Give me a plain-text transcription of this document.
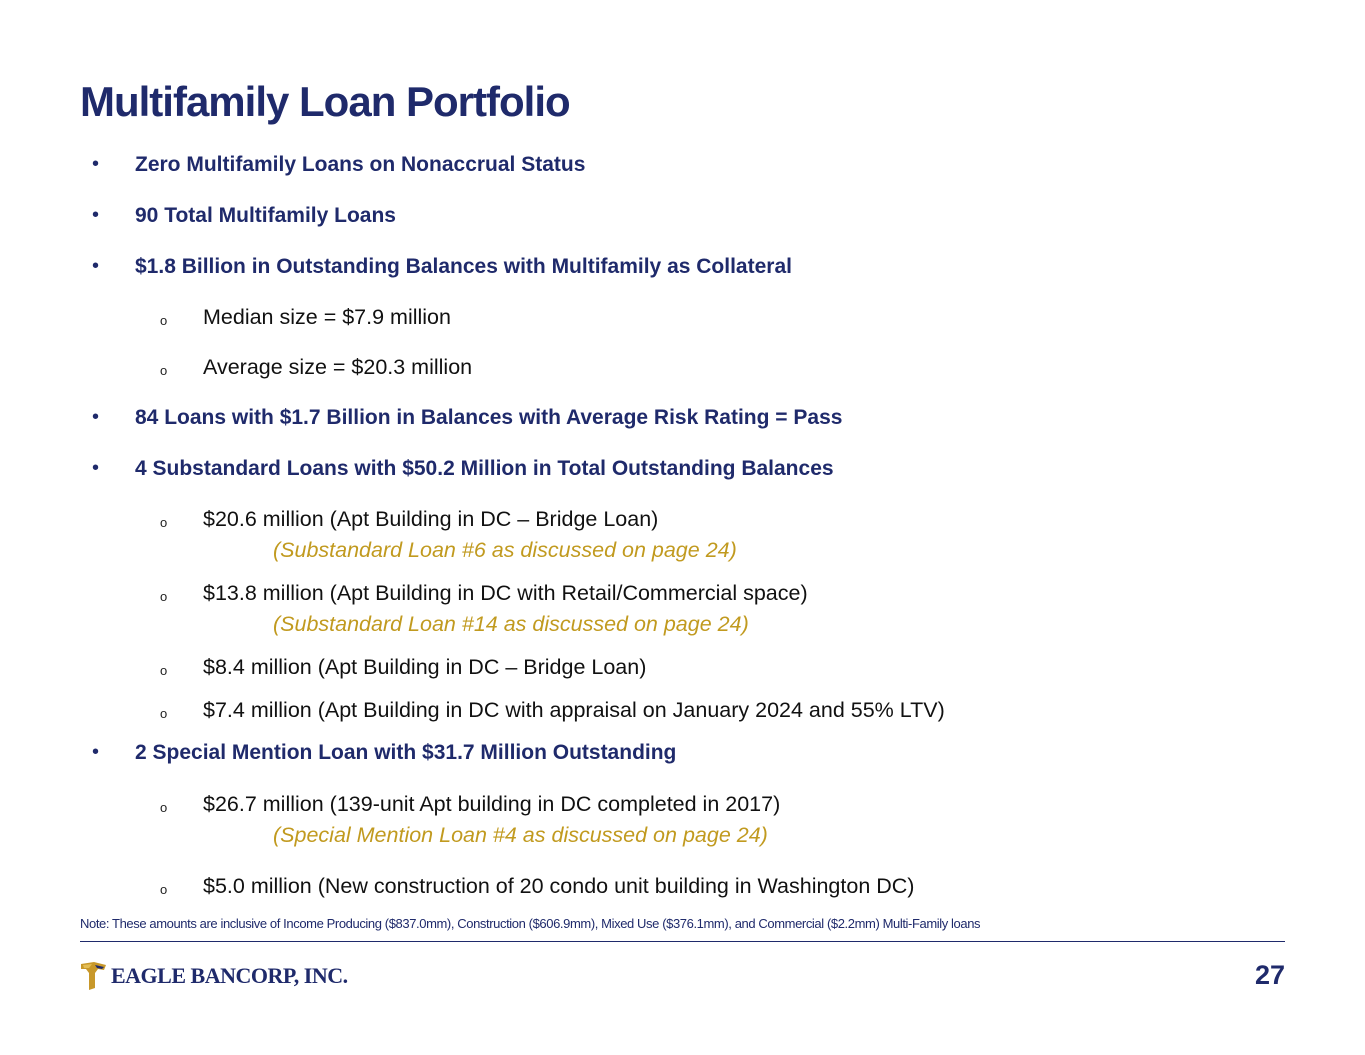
Multifamily Loan Portfolio
• Zero Multifamily Loans on Nonaccrual Status
• 90 Total Multifamily Loans
• $1.8 Billion in Outstanding Balances with Multifamily as Collateral
o Median size = $7.9 million
o Average size = $20.3 million
• 84 Loans with $1.7 Billion in Balances with Average Risk Rating = Pass
• 4 Substandard Loans with $50.2 Million in Total Outstanding Balances
o $20.6 million (Apt Building in DC – Bridge Loan)
(Substandard Loan #6 as discussed on page 24)
o $13.8 million (Apt Building in DC with Retail/Commercial space)
(Substandard Loan #14 as discussed on page 24)
o $8.4 million (Apt Building in DC – Bridge Loan)
o $7.4 million (Apt Building in DC with appraisal on January 2024 and 55% LTV)
• 2 Special Mention Loan with $31.7 Million Outstanding
o $26.7 million (139-unit Apt building in DC completed in 2017)
(Special Mention Loan #4 as discussed on page 24)
o $5.0 million (New construction of 20 condo unit building in Washington DC)
Note: These amounts are inclusive of Income Producing ($837.0mm), Construction ($606.9mm), Mixed Use ($376.1mm), and Commercial ($2.2mm) Multi-Family loans
EAGLE BANCORP, INC.	27
